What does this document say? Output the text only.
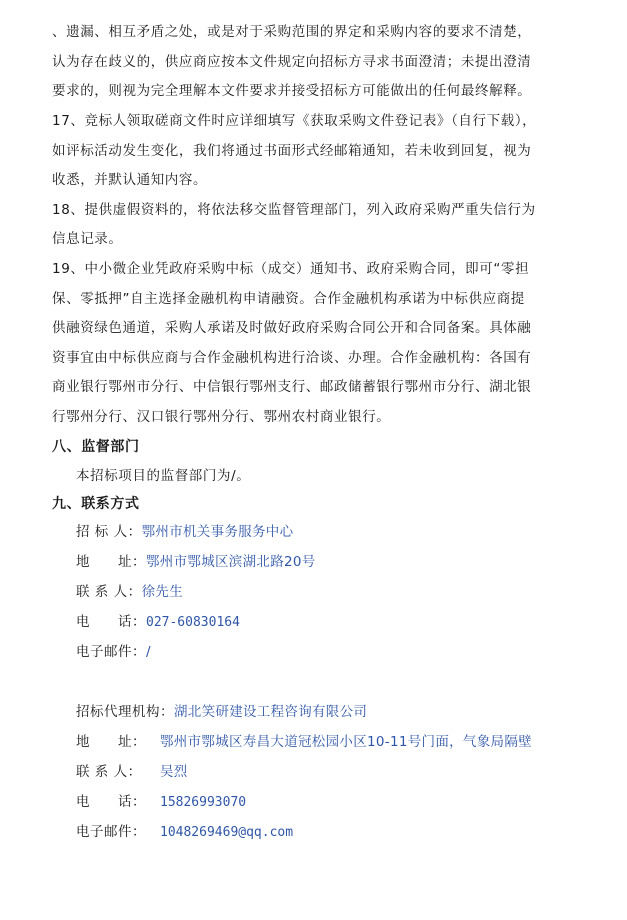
、遗漏、相互矛盾之处，或是对于采购范围的界定和采购内容的要求不清楚，
认为存在歧义的，供应商应按本文件规定向招标方寻求书面澄清；未提出澄清
要求的，则视为完全理解本文件要求并接受招标方可能做出的任何最终解释。
17、竞标人领取磋商文件时应详细填写《获取采购文件登记表》（自行下载），
如评标活动发生变化，我们将通过书面形式经邮箱通知，若未收到回复，视为
收悉，并默认通知内容。
18、提供虚假资料的，将依法移交监督管理部门，列入政府采购严重失信行为
信息记录。
19、中小微企业凭政府采购中标（成交）通知书、政府采购合同，即可“零担
保、零抵押”自主选择金融机构申请融资。合作金融机构承诺为中标供应商提
供融资绿色通道，采购人承诺及时做好政府采购合同公开和合同备案。具体融
资事宜由中标供应商与合作金融机构进行洽谈、办理。合作金融机构：各国有
商业银行鄂州市分行、中信银行鄂州支行、邮政储蓄银行鄂州市分行、湖北银
行鄂州分行、汉口银行鄂州分行、鄂州农村商业银行。
八、监督部门
本招标项目的监督部门为/。
九、联系方式
招 标 人：鄂州市机关事务服务中心
地　　址：鄂州市鄂城区滨湖北路20号
联 系 人：徐先生
电　　话：027-60830164
电子邮件：/
招标代理机构：湖北笑研建设工程咨询有限公司
地　　址： 鄂州市鄂城区寿昌大道冠松园小区10-11号门面，气象局隔壁
联 系 人： 吴烈
电　　话： 15826993070
电子邮件： 1048269469@qq.com
